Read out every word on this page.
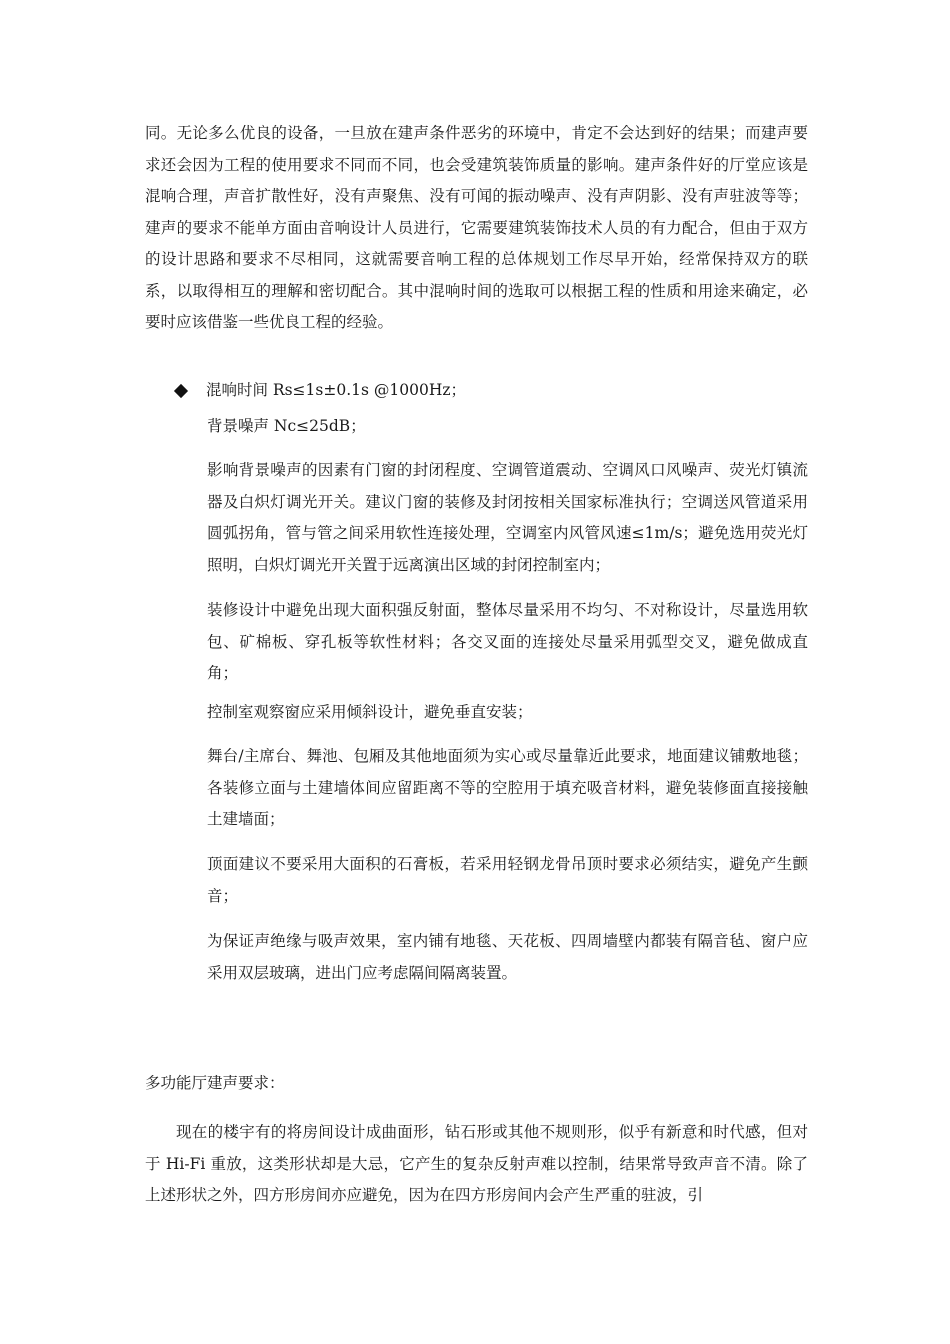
同。无论多么优良的设备，一旦放在建声条件恶劣的环境中，肯定不会达到好的结果；而建声要求还会因为工程的使用要求不同而不同，也会受建筑装饰质量的影响。建声条件好的厅堂应该是混响合理，声音扩散性好，没有声聚焦、没有可闻的振动噪声、没有声阴影、没有声驻波等等；建声的要求不能单方面由音响设计人员进行，它需要建筑装饰技术人员的有力配合，但由于双方的设计思路和要求不尽相同，这就需要音响工程的总体规划工作尽早开始，经常保持双方的联系，以取得相互的理解和密切配合。其中混响时间的选取可以根据工程的性质和用途来确定，必要时应该借鉴一些优良工程的经验。

混响时间 Rs≤1s±0.1s @1000Hz；

背景噪声 Nc≤25dB；

影响背景噪声的因素有门窗的封闭程度、空调管道震动、空调风口风噪声、荧光灯镇流器及白炽灯调光开关。建议门窗的装修及封闭按相关国家标准执行；空调送风管道采用圆弧拐角，管与管之间采用软性连接处理，空调室内风管风速≤1m/s；避免选用荧光灯照明，白炽灯调光开关置于远离演出区域的封闭控制室内；

装修设计中避免出现大面积强反射面，整体尽量采用不均匀、不对称设计，尽量选用软包、矿棉板、穿孔板等软性材料；各交叉面的连接处尽量采用弧型交叉，避免做成直角；

控制室观察窗应采用倾斜设计，避免垂直安装；

舞台/主席台、舞池、包厢及其他地面须为实心或尽量靠近此要求，地面建议铺敷地毯；各装修立面与土建墙体间应留距离不等的空腔用于填充吸音材料，避免装修面直接接触土建墙面；

顶面建议不要采用大面积的石膏板，若采用轻钢龙骨吊顶时要求必须结实，避免产生颤音；

为保证声绝缘与吸声效果，室内铺有地毯、天花板、四周墙壁内都装有隔音毡、窗户应采用双层玻璃，进出门应考虑隔间隔离装置。

多功能厅建声要求：

现在的楼宇有的将房间设计成曲面形，钻石形或其他不规则形，似乎有新意和时代感，但对于 Hi-Fi 重放，这类形状却是大忌，它产生的复杂反射声难以控制，结果常导致声音不清。除了上述形状之外，四方形房间亦应避免，因为在四方形房间内会产生严重的驻波，引
